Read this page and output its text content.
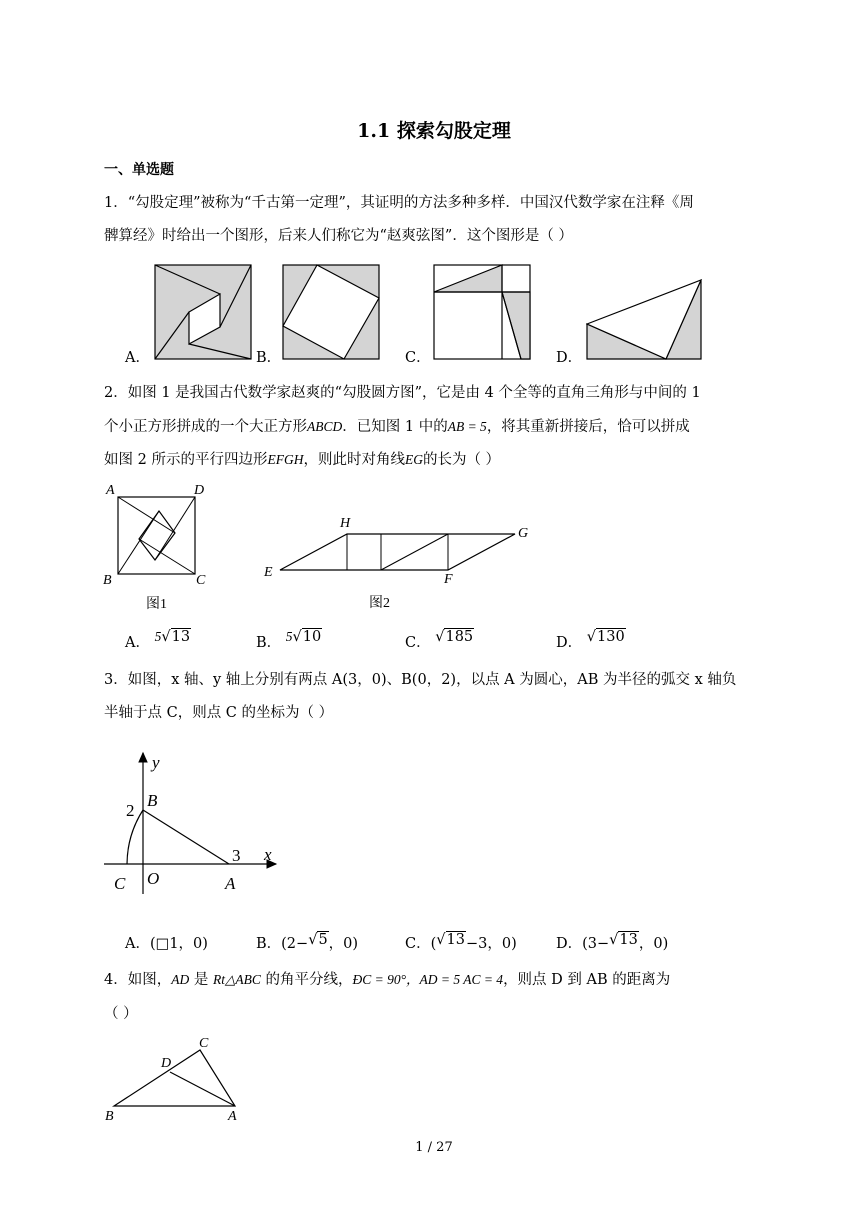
1.1 探索勾股定理
一、单选题
1．“勾股定理”被称为“千古第一定理”，其证明的方法多种多样．中国汉代数学家在注释《周
髀算经》时给出一个图形，后来人们称它为“赵爽弦图”．这个图形是（ ）
A．	B．	C．	D．
2．如图 1 是我国古代数学家赵爽的“勾股圆方图”，它是由 4 个全等的直角三角形与中间的 1
个小正方形拼成的一个大正方形ABCD．已知图 1 中的AB = 5，将其重新拼接后，恰可以拼成
如图 2 所示的平行四边形EFGH，则此时对角线EG的长为（ ）
A	D
B	C
图1
H
G
E	F
图2
A． 5√13	B． 5√10	C． √185	D． √130
3．如图，x 轴、y 轴上分别有两点 A(3，0)、B(0，2)，以点 A 为圆心，AB 为半径的弧交 x 轴负
半轴于点 C，则点 C 的坐标为（ ）
y
x
2
3
B
O	A
C
A．(□1，0)	B．(2−√5，0)	C．(√13−3，0)	D．(3−√13，0)
4．如图，AD 是 Rt△ABC 的角平分线，ÐC = 90°，AD = 5 AC = 4，则点 D 到 AB 的距离为
（ ）
C
D
B	A
1 / 27
